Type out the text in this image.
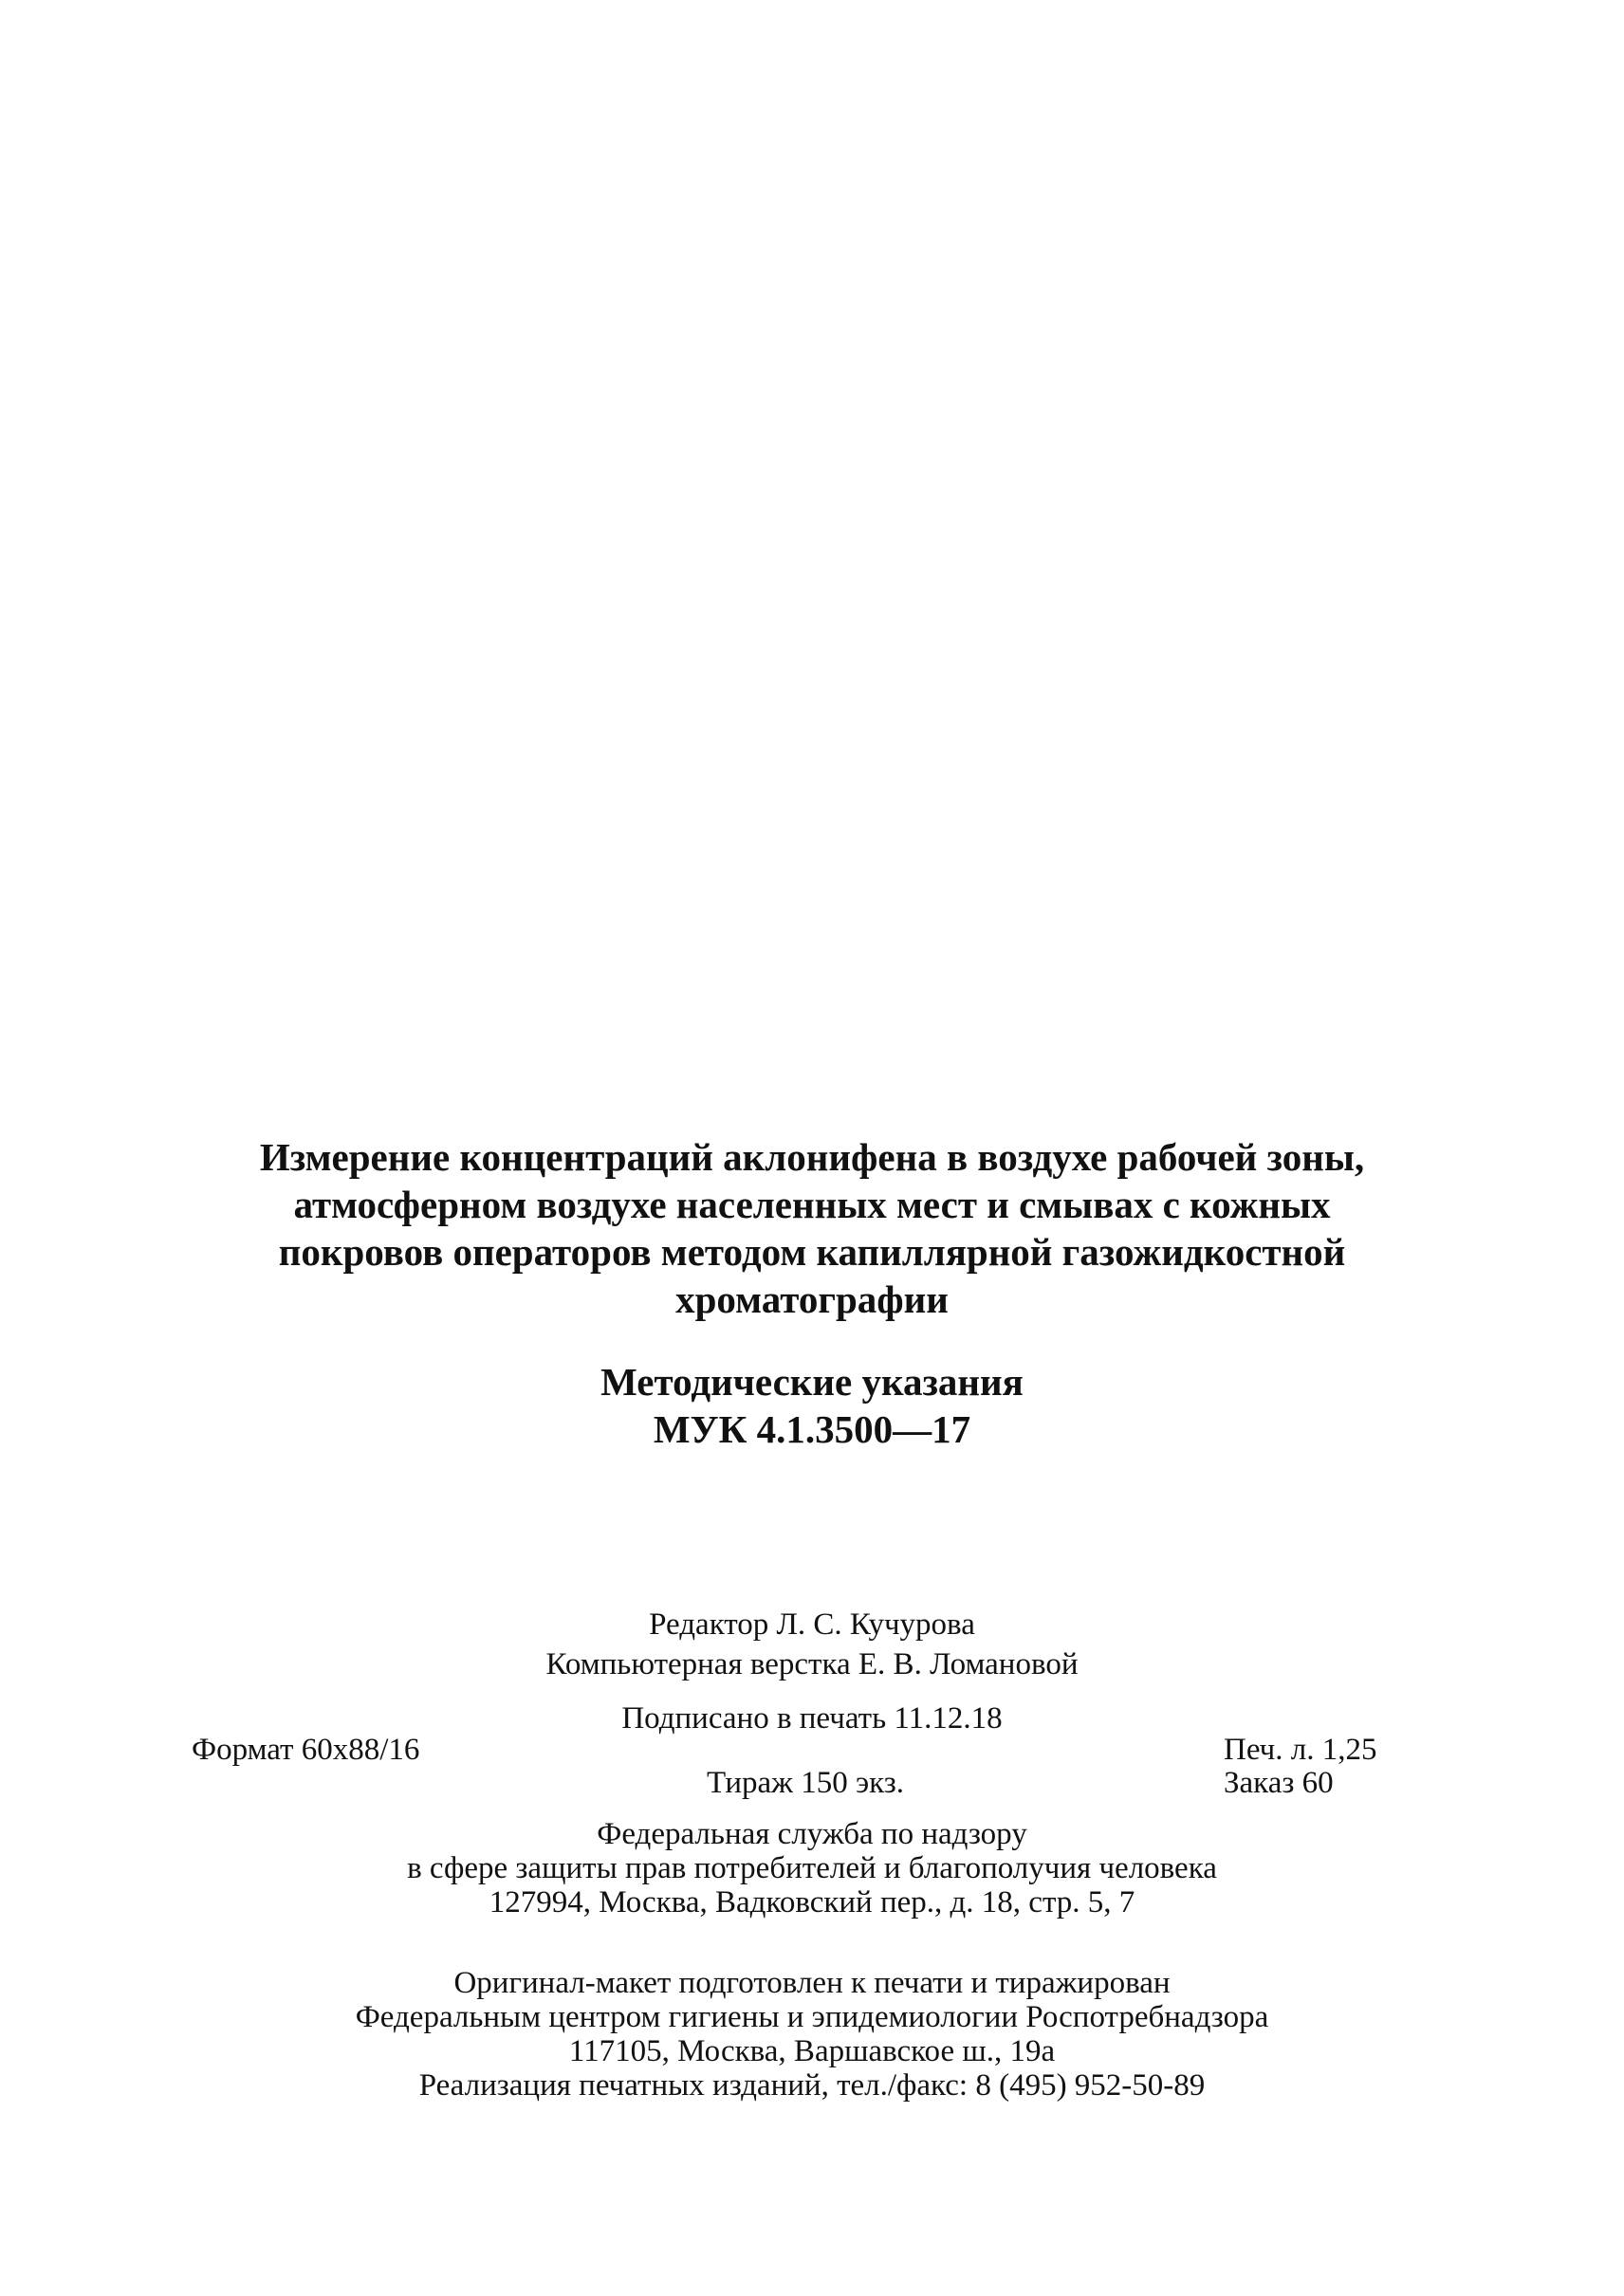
Измерение концентраций аклонифена в воздухе рабочей зоны,
атмосферном воздухе населенных мест и смывах с кожных
покровов операторов методом капиллярной газожидкостной
хроматографии
Методические указания
МУК 4.1.3500—17
Редактор Л. С. Кучурова
Компьютерная верстка Е. В. Ломановой
Подписано в печать 11.12.18
Формат 60х88/16	Печ. л. 1,25
Тираж 150 экз.	Заказ 60
Федеральная служба по надзору
в сфере защиты прав потребителей и благополучия человека
127994, Москва, Вадковский пер., д. 18, стр. 5, 7
Оригинал-макет подготовлен к печати и тиражирован
Федеральным центром гигиены и эпидемиологии Роспотребнадзора
117105, Москва, Варшавское ш., 19а
Реализация печатных изданий, тел./факс: 8 (495) 952-50-89
